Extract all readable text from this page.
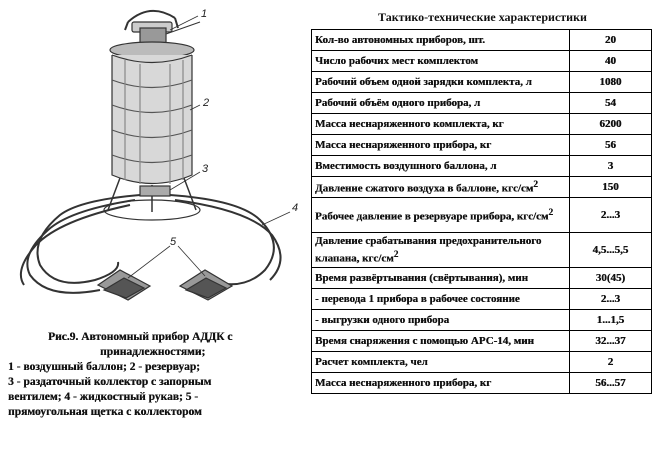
1
2
3
4
5
Рис.9. Автономный прибор АДДК с
принадлежностями;
1 - воздушный баллон; 2 - резервуар;
3 - раздаточный коллектор с запорным
вентилем; 4 - жидкостный рукав; 5 -
прямоугольная щетка с коллектором
Тактико-технические характеристики
Кол-во автономных приборов, шт.	20
Число рабочих мест комплектом	40
Рабочий объем одной зарядки комплекта, л	1080
Рабочий объём одного прибора, л	54
Масса неснаряженного комплекта, кг	6200
Масса неснаряженного прибора, кг	56
Вместимость воздушного баллона, л	3
Давление сжатого воздуха в баллоне, кгс/$см^2$	150
Рабочее давление в резервуаре прибора, кгс/$см^2$	2...3
Давление срабатывания предохранительного клапана, кгс/$см^2$	4,5...5,5
Время развёртывания (свёртывания), мин	30(45)
- перевода 1 прибора в рабочее состояние	2...3
- выгрузки одного прибора	1...1,5
Время снаряжения с помощью АРС-14, мин	32...37
Расчет комплекта, чел	2
Масса неснаряженного прибора, кг	56...57
